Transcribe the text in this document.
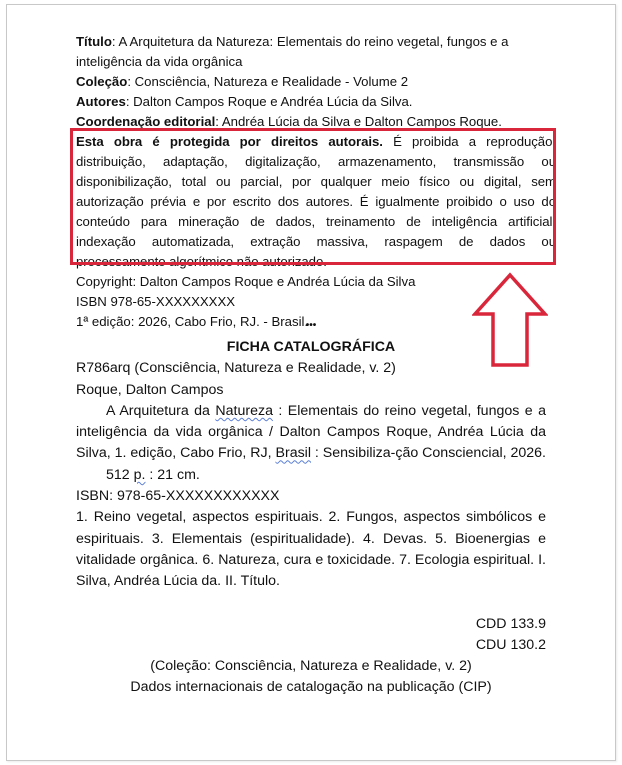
Título: A Arquitetura da Natureza: Elementais do reino vegetal, fungos e a inteligência da vida orgânica

Coleção: Consciência, Natureza e Realidade - Volume 2

Autores: Dalton Campos Roque e Andréa Lúcia da Silva.

Coordenação editorial: Andréa Lúcia da Silva e Dalton Campos Roque.

Esta obra é protegida por direitos autorais. É proibida a reprodução, distribuição, adaptação, digitalização, armazenamento, transmissão ou disponibilização, total ou parcial, por qualquer meio físico ou digital, sem autorização prévia e por escrito dos autores. É igualmente proibido o uso do conteúdo para mineração de dados, treinamento de inteligência artificial, indexação automatizada, extração massiva, raspagem de dados ou processamento algorítmico não autorizado.

Copyright: Dalton Campos Roque e Andréa Lúcia da Silva

ISBN 978-65-XXXXXXXXX

1ª edição: 2026, Cabo Frio, RJ. - Brasil.

•••

FICHA CATALOGRÁFICA

R786arq (Consciência, Natureza e Realidade, v. 2)

Roque, Dalton Campos

A Arquitetura da Natureza : Elementais do reino vegetal, fungos e a inteligência da vida orgânica / Dalton Campos Roque, Andréa Lúcia da Silva, 1. edição, Cabo Frio, RJ, Brasil : Sensibiliza-ção Consciencial, 2026.

512 p. : 21 cm.

ISBN: 978-65-XXXXXXXXXXXX

1. Reino vegetal, aspectos espirituais. 2. Fungos, aspectos simbólicos e espirituais. 3. Elementais (espiritualidade). 4. Devas. 5. Bioenergias e vitalidade orgânica. 6. Natureza, cura e toxicidade. 7. Ecologia espiritual. I. Silva, Andréa Lúcia da. II. Título.

CDD 133.9

CDU 130.2

(Coleção: Consciência, Natureza e Realidade, v. 2)

Dados internacionais de catalogação na publicação (CIP)
